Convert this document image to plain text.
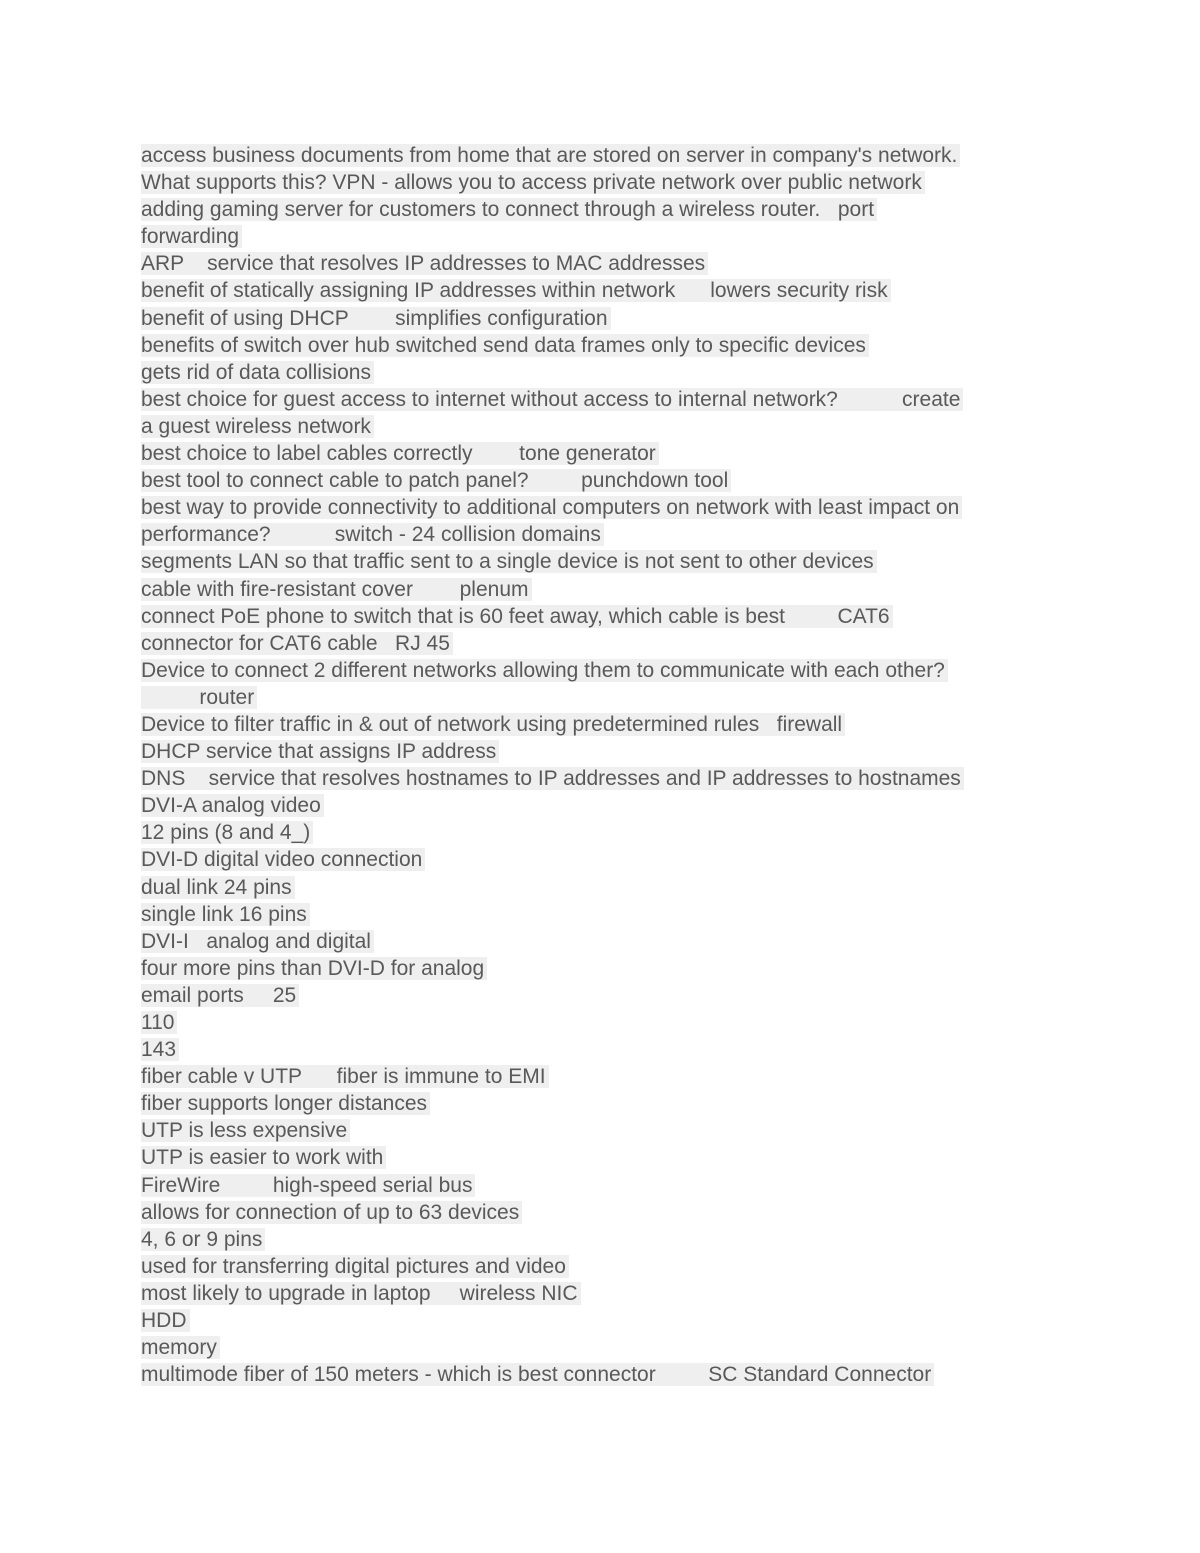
access business documents from home that are stored on server in company's network.
What supports this? VPN - allows you to access private network over public network
adding gaming server for customers to connect through a wireless router.   port
forwarding
ARP    service that resolves IP addresses to MAC addresses
benefit of statically assigning IP addresses within network      lowers security risk
benefit of using DHCP        simplifies configuration
benefits of switch over hub switched send data frames only to specific devices
gets rid of data collisions
best choice for guest access to internet without access to internal network?           create
a guest wireless network
best choice to label cables correctly        tone generator
best tool to connect cable to patch panel?         punchdown tool
best way to provide connectivity to additional computers on network with least impact on
performance?           switch - 24 collision domains
segments LAN so that traffic sent to a single device is not sent to other devices
cable with fire-resistant cover        plenum
connect PoE phone to switch that is 60 feet away, which cable is best         CAT6
connector for CAT6 cable   RJ 45
Device to connect 2 different networks allowing them to communicate with each other?
router
Device to filter traffic in & out of network using predetermined rules   firewall
DHCP service that assigns IP address
DNS    service that resolves hostnames to IP addresses and IP addresses to hostnames
DVI-A analog video
12 pins (8 and 4_)
DVI-D digital video connection
dual link 24 pins
single link 16 pins
DVI-I   analog and digital
four more pins than DVI-D for analog
email ports     25
110
143
fiber cable v UTP      fiber is immune to EMI
fiber supports longer distances
UTP is less expensive
UTP is easier to work with
FireWire         high-speed serial bus
allows for connection of up to 63 devices
4, 6 or 9 pins
used for transferring digital pictures and video
most likely to upgrade in laptop     wireless NIC
HDD
memory
multimode fiber of 150 meters - which is best connector         SC Standard Connector
